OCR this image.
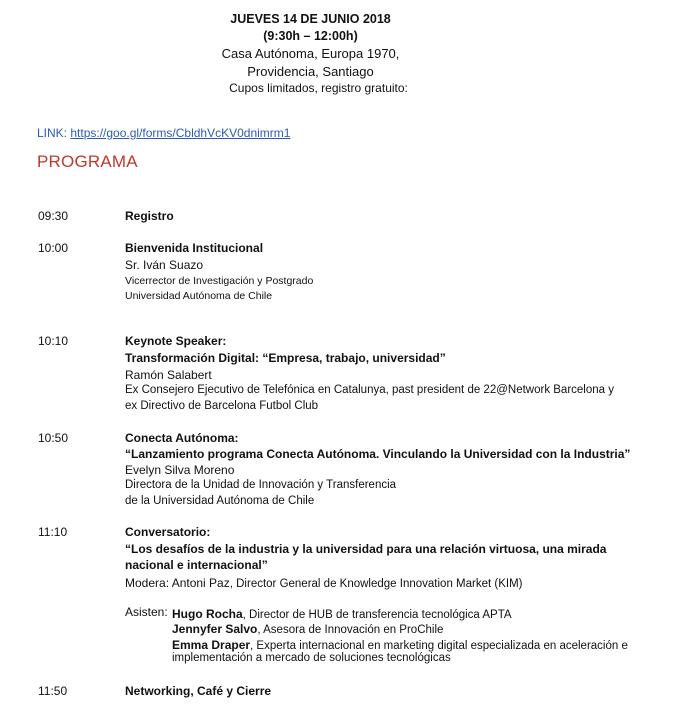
JUEVES 14 DE JUNIO 2018
(9:30h – 12:00h)
Casa Autónoma, Europa 1970,
Providencia, Santiago
Cupos limitados, registro gratuito:
LINK: https://goo.gl/forms/CbldhVcKV0dnimrm1
PROGRAMA
09:30	Registro
10:00	Bienvenida Institucional
Sr. Iván Suazo
Vicerrector de Investigación y Postgrado
Universidad Autónoma de Chile
10:10	Keynote Speaker:
Transformación Digital: “Empresa, trabajo, universidad”
Ramón Salabert
Ex Consejero Ejecutivo de Telefónica en Catalunya, past president de 22@Network Barcelona y
ex Directivo de Barcelona Futbol Club
10:50	Conecta Autónoma:
“Lanzamiento programa Conecta Autónoma. Vinculando la Universidad con la Industria”
Evelyn Silva Moreno
Directora de la Unidad de Innovación y Transferencia
de la Universidad Autónoma de Chile
11:10	Conversatorio:
“Los desafíos de la industria y la universidad para una relación virtuosa, una mirada
nacional e internacional”
Modera: Antoni Paz, Director General de Knowledge Innovation Market (KIM)
Asisten: Hugo Rocha, Director de HUB de transferencia tecnológica APTA
Jennyfer Salvo, Asesora de Innovación en ProChile
Emma Draper, Experta internacional en marketing digital especializada en aceleración e
implementación a mercado de soluciones tecnológicas
11:50	Networking, Café y Cierre
